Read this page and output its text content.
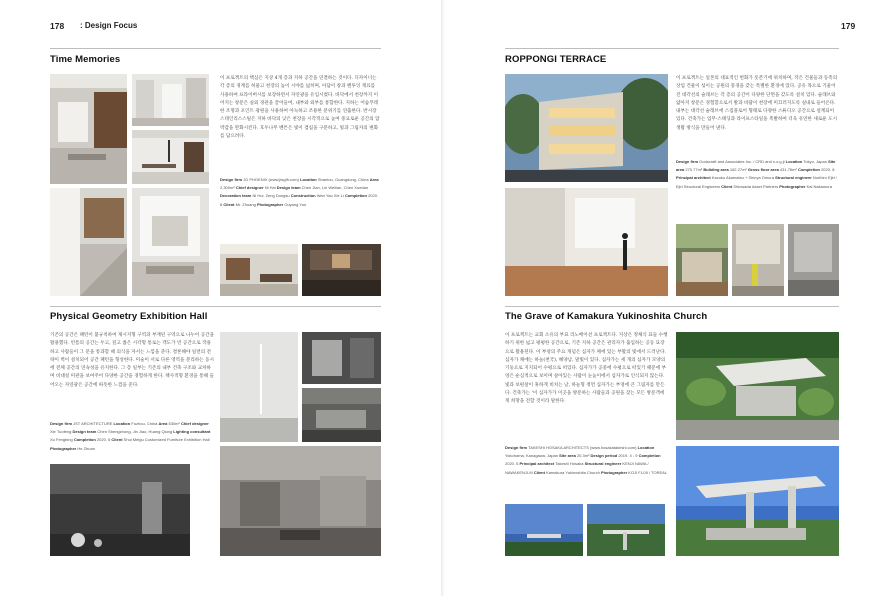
178 : Design Focus	179
Time Memories
이 프로젝트의 핵심은 지상 4개 층과 지하 공간을 연결하는 것이다. 디자이너는 각 층의 경계를 허물고 천장의 높이 시야를 넓히며, 아담이 창과 벤투잉 재료를 사용하여 프라이버시를 보장하면서 자연광을 유입시켰다. 바닥에서 천장까지 이어지는 창문은 실외 경관을 끌어들여, 내부와 외부를 통합한다. 지하는 어슴푸레한 조명과 포인트 광원을 사용하여 아늑하고 조용한 분위기를 연출한다. 반시장 스테인리스스틸은 지하 바닥의 낮은 천장을 시각적으로 높여 중요로운 공간의 압박감을 완화시킨다. 호두나무 벤튼은 빛이 겹침을 구분하고, 빛과 그림자의 변화를 담으려다.
Design firm JG PHOENIX (www.jtsgfh.com) Location Shantou, Guangdong, China Area 2,300m² Chief designer Ni Hai Design team Chen Jian, Lin Weilian, Chen Xuedan Decoration team Ni Hui, Zeng Dongsu Construction Wan Yao Xie Li Completion 2020. 8 Client Mr. Zhuang Photographer Ouyang Yun
Physical Geometry Exhibition Hall
기존의 공간은 패턴이 불규칙하여 제시지형 구역과 부재된 구역으로 나누어 공간을 활용했다. 빈틈의 공간는 두고, 깊고 좁은 시각형 통로는 객도가 빈 공간으로 작용하고 사람들이 그 문을 통과할 때 의식을 자서는 느낌을 준다. 결론해야 일련의 전략이 벽이 설치되어 공간 패턴을 형성한다. 미술이 서로 다른 영역을 분리하는 동시에 전체 공간의 연속성을 유지한다. 그 층 일부는 기존의 내부 건축 구조와 교차하며 비대칭 미관을 보여주어 다양한 공간을 경험하게 한다. 책사적형 환경을 통해 들어오는 자연광은 공간에 따뜻한 느낌을 준다.
Design firm JST ARCHITECTURE Location Fuzhou, China Area 530m² Chief designer Xie Tuofeng Design team Chen Shengzhong, Jin Jiao, Huang Qiong Lighting consultant Xu Fengbing Completion 2020. 5 Client Shui Meigu Customized Furniture Exhibition Hall Photographer He Zhuan
ROPPONGI TERRACE
이 프로젝트는 일본의 대표적인 번화가 롯폰기에 위치하며, 작은 건물들과 동족의 상업 건물이 섞이는 공원의 풍경을 갖는 특별한 환경에 있다. 공유 목으로 기울어진 대각선의 슬래브는 각 층의 공간이 다양한 단면을 갖도록 설치 있다. 슬래브와 얇아져 창문은 경험할으로서 발과 바람이 천장에 미끄러지도록 실내로 들어온다. 내부는 대각선 슬래브에 스킵플로어 형태로 다양한 스튜디오 공간으로 설계되어 있다. 건축가는 업무·스태딩과 라이프스타일을 촉발하여 더욱 유연한 새로운 도시 생활 방식을 만들어 낸다.
Design firm Godscraft and Associates Inc. / CRD and s.o.g.ji Location Tokyo, Japan Site area 270.77m² Building area 162.27m² Gross floor area 431.76m² Completion 2020. 8 Principal architect Kazuko Akamatsu + Shinya Omura Structural engineer Norihiro Ejiri / Ejiri Structural Engineers Client Shinwada Asset Partners Photographer Kai Nakamura
The Grave of Kamakura Yukinoshita Church
이 프로젝트는 교회 소유의 부묘 리노베이션 프로젝트다. 지상은 정체식 묘들 수행하기 위한 넓고 평평한 공간으로, 기존 지하 공간은 관리자가 출입하는 공동 묘장으로 활용된다. 이 부엉의 주요 개념은 십자가 체에 있는 부활의 빛에서 드러난다. 십자가 채에는 하늘(천국), 해양남, 말빛이 있다. 십자가는 세 개의 십자가 모양의 기둥으로 지지되어 수평으로 떠있다. 십자가가 공중에 수평으로 떠있기 때문에 부엉은 순심적으로 보이며 살아있는 사람이 눈높이에서 십자가로 인식되지 않는다. 빛과 보편살이 휴하게 비치는 날, 하늘형 정면 십자가는 부엉에 큰 그림자를 만든다. 건축가는 '이 십자가가 이곳을 방문하는 사람들과 공원을 찾는 모든 방문객에게 희망을 전할 것이라 말한다.
Design firm TAKESHI HOSAKA ARCHITECTS (www.hosakatakeshi.com) Location Yokohama, Kanagawa, Japan Site area 20.3m² Design period 2019. 4 - 9 Completion 2020. 5 Principal architect Takeshi Hosaka Structural engineer KENJI NAWA / NAWAKENJI-M Client Kamakura Yukinoshita Church Photographer KOJI FUJII / TOREAL
